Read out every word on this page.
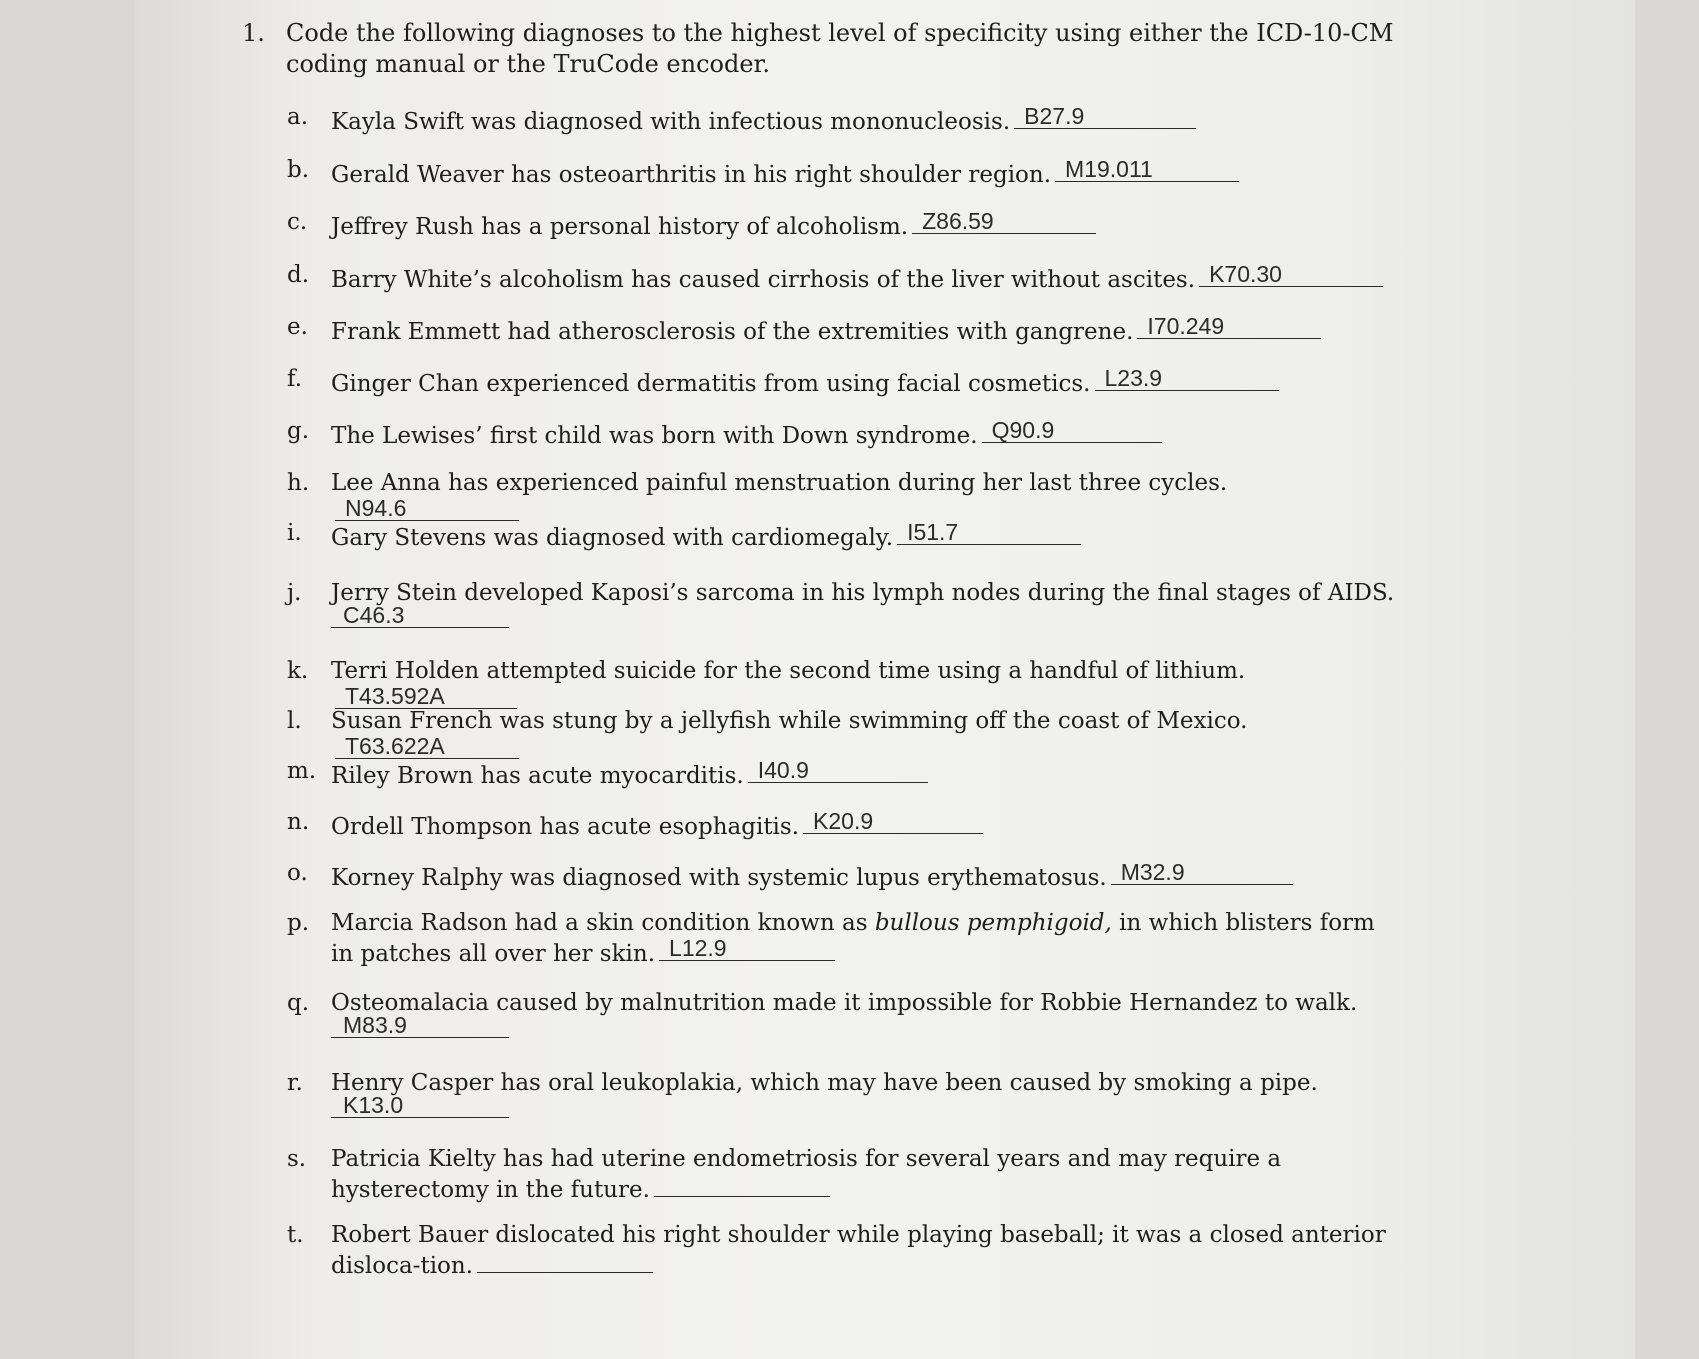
1. Code the following diagnoses to the highest level of specificity using either the ICD-10-CM coding manual or the TruCode encoder.
a. Kayla Swift was diagnosed with infectious mononucleosis. B27.9
b. Gerald Weaver has osteoarthritis in his right shoulder region. M19.011
c.	Jeffrey Rush has a personal history of alcoholism. Z86.59
d. Barry White’s alcoholism has caused cirrhosis of the liver without ascites. K70.30
e.	Frank Emmett had atherosclerosis of the extremities with gangrene. I70.249
f.	Ginger Chan experienced dermatitis from using facial cosmetics. L23.9
g. The Lewises’ first child was born with Down syndrome. Q90.9
h. Lee Anna has experienced painful menstruation during her last three cycles.
N94.6
i.	Gary Stevens was diagnosed with cardiomegaly. I51.7
j.	Jerry Stein developed Kaposi’s sarcoma in his lymph nodes during the final stages of AIDS.
C46.3
k. Terri Holden attempted suicide for the second time using a handful of lithium.
T43.592A
l.	Susan French was stung by a jellyfish while swimming off the coast of Mexico.
T63.622A
m. Riley Brown has acute myocarditis. I40.9
n. Ordell Thompson has acute esophagitis. K20.9
o.	Korney Ralphy was diagnosed with systemic lupus erythematosus. M32.9
p. Marcia Radson had a skin condition known as bullous pemphigoid, in which blisters form in patches all over her skin. L12.9
q. Osteomalacia caused by malnutrition made it impossible for Robbie Hernandez to walk.
M83.9
r.	Henry Casper has oral leukoplakia, which may have been caused by smoking a pipe.
K13.0
s.	Patricia Kielty has had uterine endometriosis for several years and may require a hysterectomy in the future.
t.	Robert Bauer dislocated his right shoulder while playing baseball; it was a closed anterior disloca-tion.
